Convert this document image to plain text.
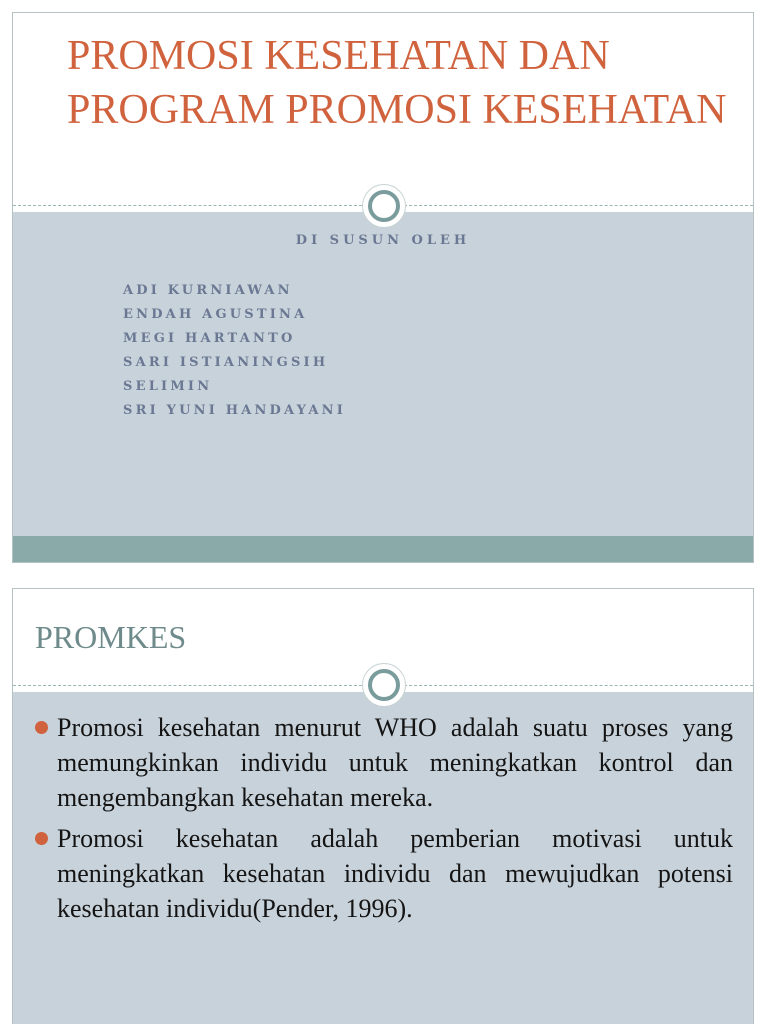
PROMOSI KESEHATAN DAN PROGRAM PROMOSI KESEHATAN

DI SUSUN OLEH

ADI KURNIAWAN
ENDAH AGUSTINA
MEGI HARTANTO
SARI ISTIANINGSIH
SELIMIN
SRI YUNI HANDAYANI
PROMKES
Promosi kesehatan menurut WHO adalah suatu proses yang memungkinkan individu untuk meningkatkan kontrol dan mengembangkan kesehatan mereka.
Promosi kesehatan adalah pemberian motivasi untuk meningkatkan kesehatan individu dan mewujudkan potensi kesehatan individu(Pender, 1996).
